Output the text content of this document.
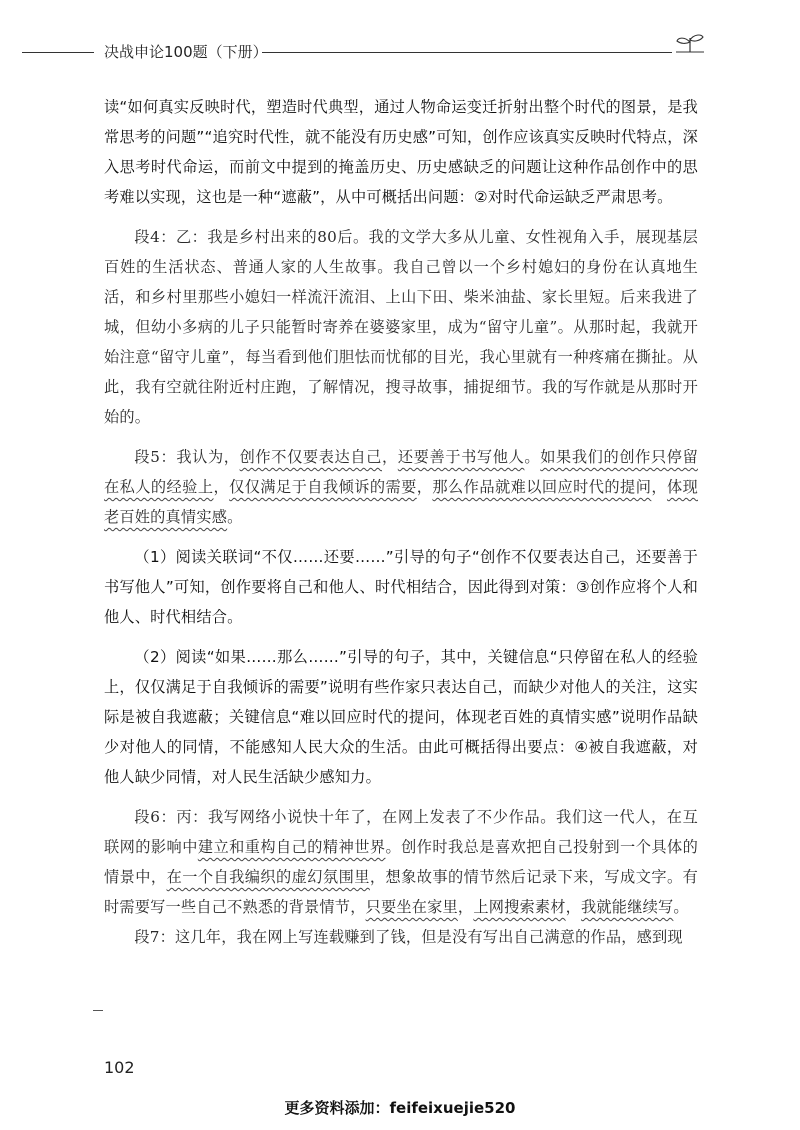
决战申论100题（下册）

读“如何真实反映时代，塑造时代典型，通过人物命运变迁折射出整个时代的图景，是我常思考的问题”“追究时代性，就不能没有历史感”可知，创作应该真实反映时代特点，深入思考时代命运，而前文中提到的掩盖历史、历史感缺乏的问题让这种作品创作中的思考难以实现，这也是一种“遮蔽”，从中可概括出问题：②对时代命运缺乏严肃思考。

段4：乙：我是乡村出来的80后。我的文学大多从儿童、女性视角入手，展现基层百姓的生活状态、普通人家的人生故事。我自己曾以一个乡村媳妇的身份在认真地生活，和乡村里那些小媳妇一样流汗流泪、上山下田、柴米油盐、家长里短。后来我进了城，但幼小多病的儿子只能暂时寄养在婆婆家里，成为“留守儿童”。从那时起，我就开始注意“留守儿童”，每当看到他们胆怯而忧郁的目光，我心里就有一种疼痛在撕扯。从此，我有空就往附近村庄跑，了解情况，搜寻故事，捕捉细节。我的写作就是从那时开始的。

段5：我认为，创作不仅要表达自己，还要善于书写他人。如果我们的创作只停留在私人的经验上，仅仅满足于自我倾诉的需要，那么作品就难以回应时代的提问，体现老百姓的真情实感。

（1）阅读关联词“不仅……还要……”引导的句子“创作不仅要表达自己，还要善于书写他人”可知，创作要将自己和他人、时代相结合，因此得到对策：③创作应将个人和他人、时代相结合。

（2）阅读“如果……那么……”引导的句子，其中，关键信息“只停留在私人的经验上，仅仅满足于自我倾诉的需要”说明有些作家只表达自己，而缺少对他人的关注，这实际是被自我遮蔽；关键信息“难以回应时代的提问，体现老百姓的真情实感”说明作品缺少对他人的同情，不能感知人民大众的生活。由此可概括得出要点：④被自我遮蔽，对他人缺少同情，对人民生活缺少感知力。

段6：丙：我写网络小说快十年了，在网上发表了不少作品。我们这一代人，在互联网的影响中建立和重构自己的精神世界。创作时我总是喜欢把自己投射到一个具体的情景中，在一个自我编织的虚幻氛围里，想象故事的情节然后记录下来，写成文字。有时需要写一些自己不熟悉的背景情节，只要坐在家里，上网搜索素材，我就能继续写。

段7：这几年，我在网上写连载赚到了钱，但是没有写出自己满意的作品，感到现

102
更多资料添加：feifeixuejie520
